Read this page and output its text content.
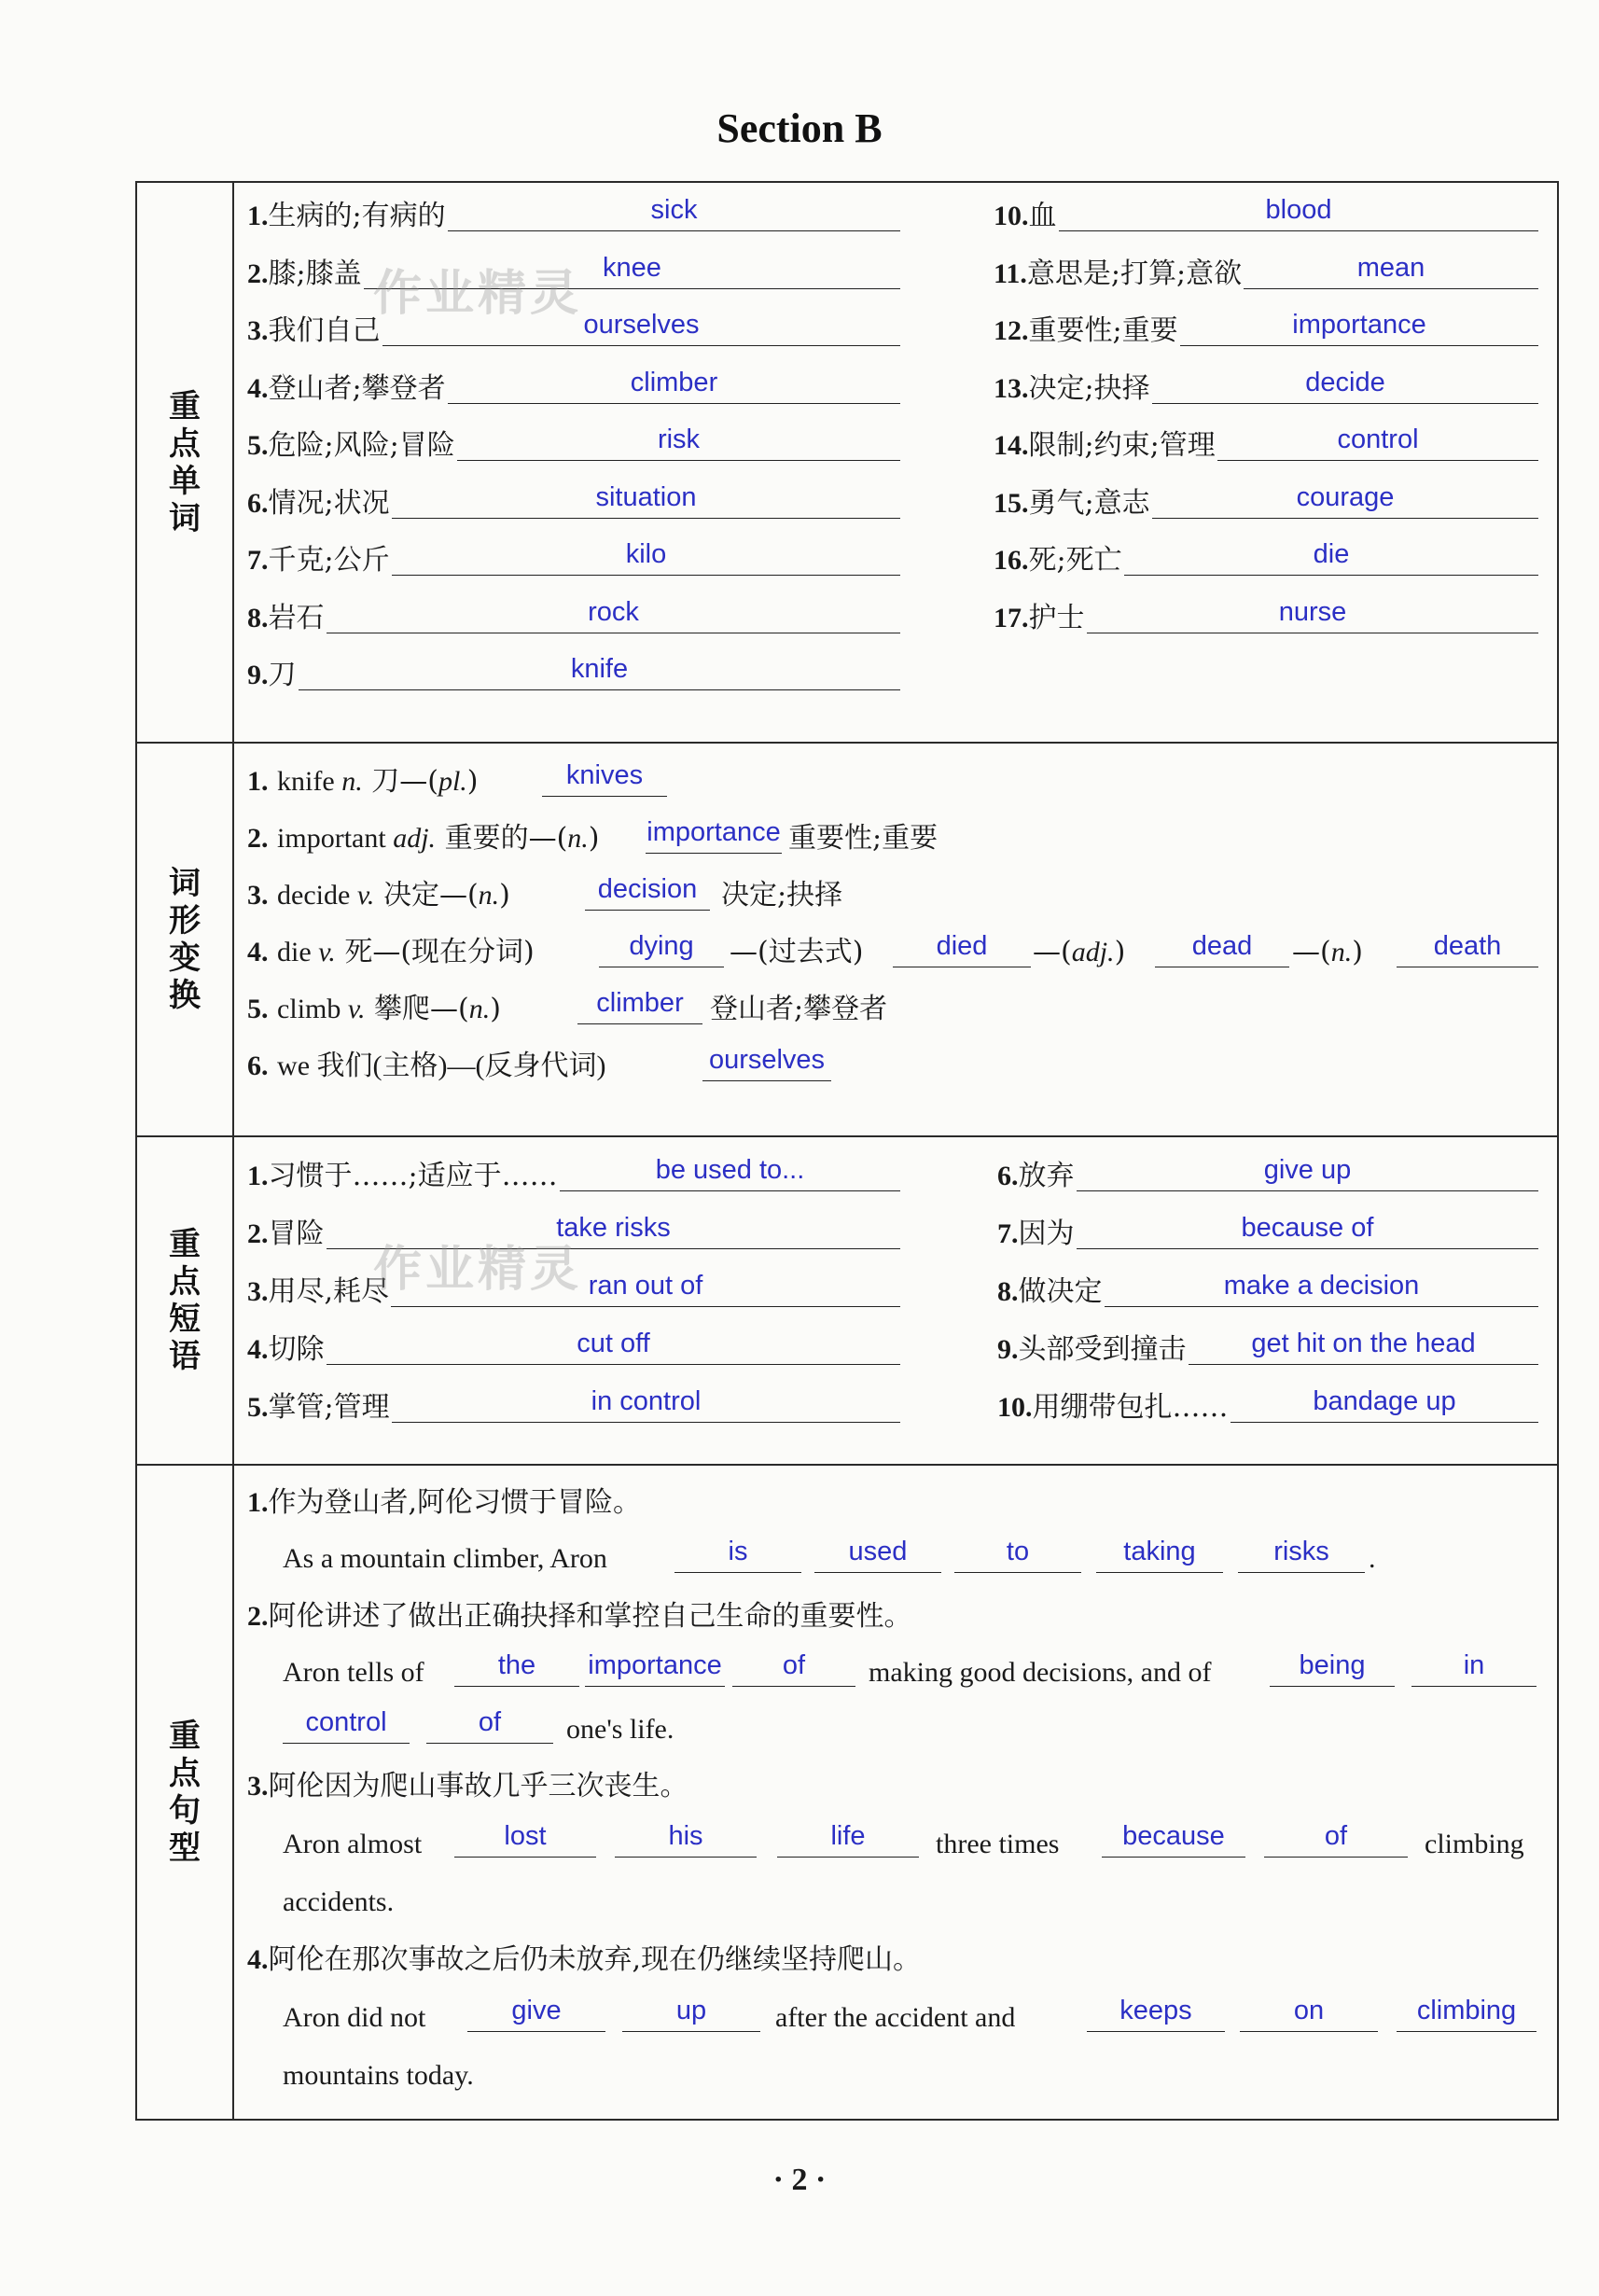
Section B
重
点
单
词
1.生病的;有病的	sick
2.膝;膝盖	knee
3.我们自己	ourselves
4.登山者;攀登者	climber
5.危险;风险;冒险	risk
6.情况;状况	situation
7.千克;公斤	kilo
8.岩石	rock
9.刀	knife
10.血	blood
11.意思是;打算;意欲	mean
12.重要性;重要	importance
13.决定;抉择	decide
14.限制;约束;管理	control
15.勇气;意志	courage
16.死;死亡	die
17.护士	nurse
词
形
变
换
1. knife n. 刀—(pl.)	knives
2. important adj. 重要的—(n.) importance 重要性;重要
3. decide v. 决定—(n.)	decision 决定;抉择
4. die v. 死—(现在分词)	dying	—(过去式)	died	—(adj.)	dead	—(n.)	death
5. climb v. 攀爬—(n.)	climber 登山者;攀登者
6. we 我们(主格)—(反身代词)	ourselves
重
点
短
语
1.习惯于……;适应于……	be used to...
2.冒险	take risks
3.用尽,耗尽	ran out of
4.切除	cut off
5.掌管;管理	in control
6.放弃	give up
7.因为	because of
8.做决定	make a decision
9.头部受到撞击	get hit on the head
10.用绷带包扎……	bandage up
重
点
句
型
1.作为登山者,阿伦习惯于冒险。
As a mountain climber, Aron	is	used	to	taking	risks	.
2.阿伦讲述了做出正确抉择和掌控自己生命的重要性。
Aron tells of	the	importance	of	making good decisions, and of	being	in
control	of	one's life.
3.阿伦因为爬山事故几乎三次丧生。
Aron almost	lost	his	life	three times	because	of	climbing
accidents.
4.阿伦在那次事故之后仍未放弃,现在仍继续坚持爬山。
Aron did not	give	up	after the accident and	keeps	on	climbing
mountains today.
作业精灵
作业精灵
· 2 ·
